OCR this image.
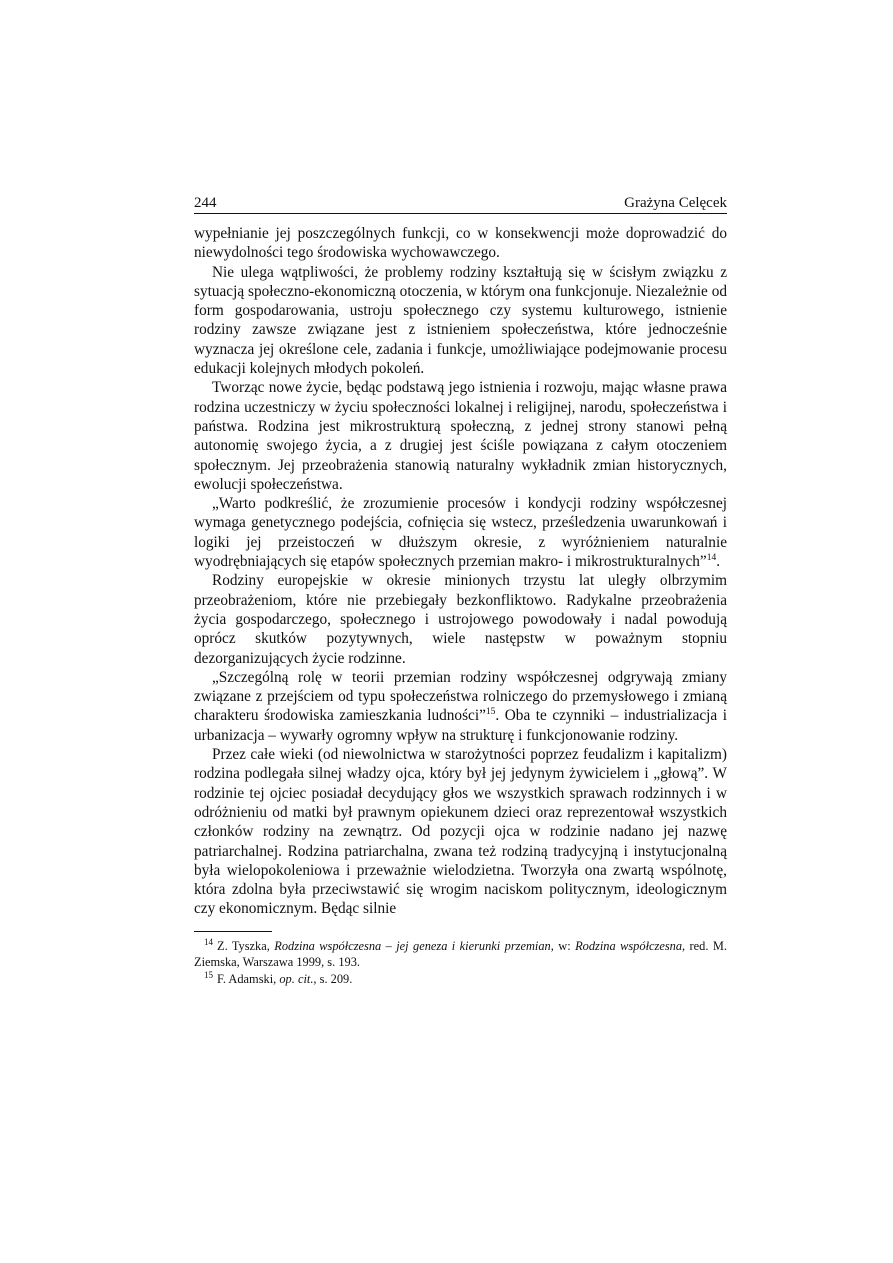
244	Grażyna Celęcek

wypełnianie jej poszczególnych funkcji, co w konsekwencji może doprowadzić do niewydolności tego środowiska wychowawczego.

Nie ulega wątpliwości, że problemy rodziny kształtują się w ścisłym związku z sytuacją społeczno-ekonomiczną otoczenia, w którym ona funkcjonuje. Niezależnie od form gospodarowania, ustroju społecznego czy systemu kulturowego, istnienie rodziny zawsze związane jest z istnieniem społeczeństwa, które jednocześnie wyznacza jej określone cele, zadania i funkcje, umożliwiające podejmowanie procesu edukacji kolejnych młodych pokoleń.

Tworząc nowe życie, będąc podstawą jego istnienia i rozwoju, mając własne prawa rodzina uczestniczy w życiu społeczności lokalnej i religijnej, narodu, społeczeństwa i państwa. Rodzina jest mikrostrukturą społeczną, z jednej strony stanowi pełną autonomię swojego życia, a z drugiej jest ściśle powiązana z całym otoczeniem społecznym. Jej przeobrażenia stanowią naturalny wykładnik zmian historycznych, ewolucji społeczeństwa.

„Warto podkreślić, że zrozumienie procesów i kondycji rodziny współczesnej wymaga genetycznego podejścia, cofnięcia się wstecz, prześledzenia uwarunkowań i logiki jej przeistoczeń w dłuższym okresie, z wyróżnieniem naturalnie wyodrębniających się etapów społecznych przemian makro- i mikrostrukturalnych”$^{14}$.

Rodziny europejskie w okresie minionych trzystu lat uległy olbrzymim przeobrażeniom, które nie przebiegały bezkonfliktowo. Radykalne przeobrażenia życia gospodarczego, społecznego i ustrojowego powodowały i nadal powodują oprócz skutków pozytywnych, wiele następstw w poważnym stopniu dezorganizujących życie rodzinne.

„Szczególną rolę w teorii przemian rodziny współczesnej odgrywają zmiany związane z przejściem od typu społeczeństwa rolniczego do przemysłowego i zmianą charakteru środowiska zamieszkania ludności”$^{15}$. Oba te czynniki – industrializacja i urbanizacja – wywarły ogromny wpływ na strukturę i funkcjonowanie rodziny.

Przez całe wieki (od niewolnictwa w starożytności poprzez feudalizm i kapitalizm) rodzina podlegała silnej władzy ojca, który był jej jedynym żywicielem i „głową”. W rodzinie tej ojciec posiadał decydujący głos we wszystkich sprawach rodzinnych i w odróżnieniu od matki był prawnym opiekunem dzieci oraz reprezentował wszystkich członków rodziny na zewnątrz. Od pozycji ojca w rodzinie nadano jej nazwę patriarchalnej. Rodzina patriarchalna, zwana też rodziną tradycyjną i instytucjonalną była wielopokoleniowa i przeważnie wielodzietna. Tworzyła ona zwartą wspólnotę, która zdolna była przeciwstawić się wrogim naciskom politycznym, ideologicznym czy ekonomicznym. Będąc silnie

$^{14}$ Z. Tyszka, Rodzina współczesna – jej geneza i kierunki przemian, w: Rodzina współczesna, red. M. Ziemska, Warszawa 1999, s. 193.

$^{15}$ F. Adamski, op. cit., s. 209.
